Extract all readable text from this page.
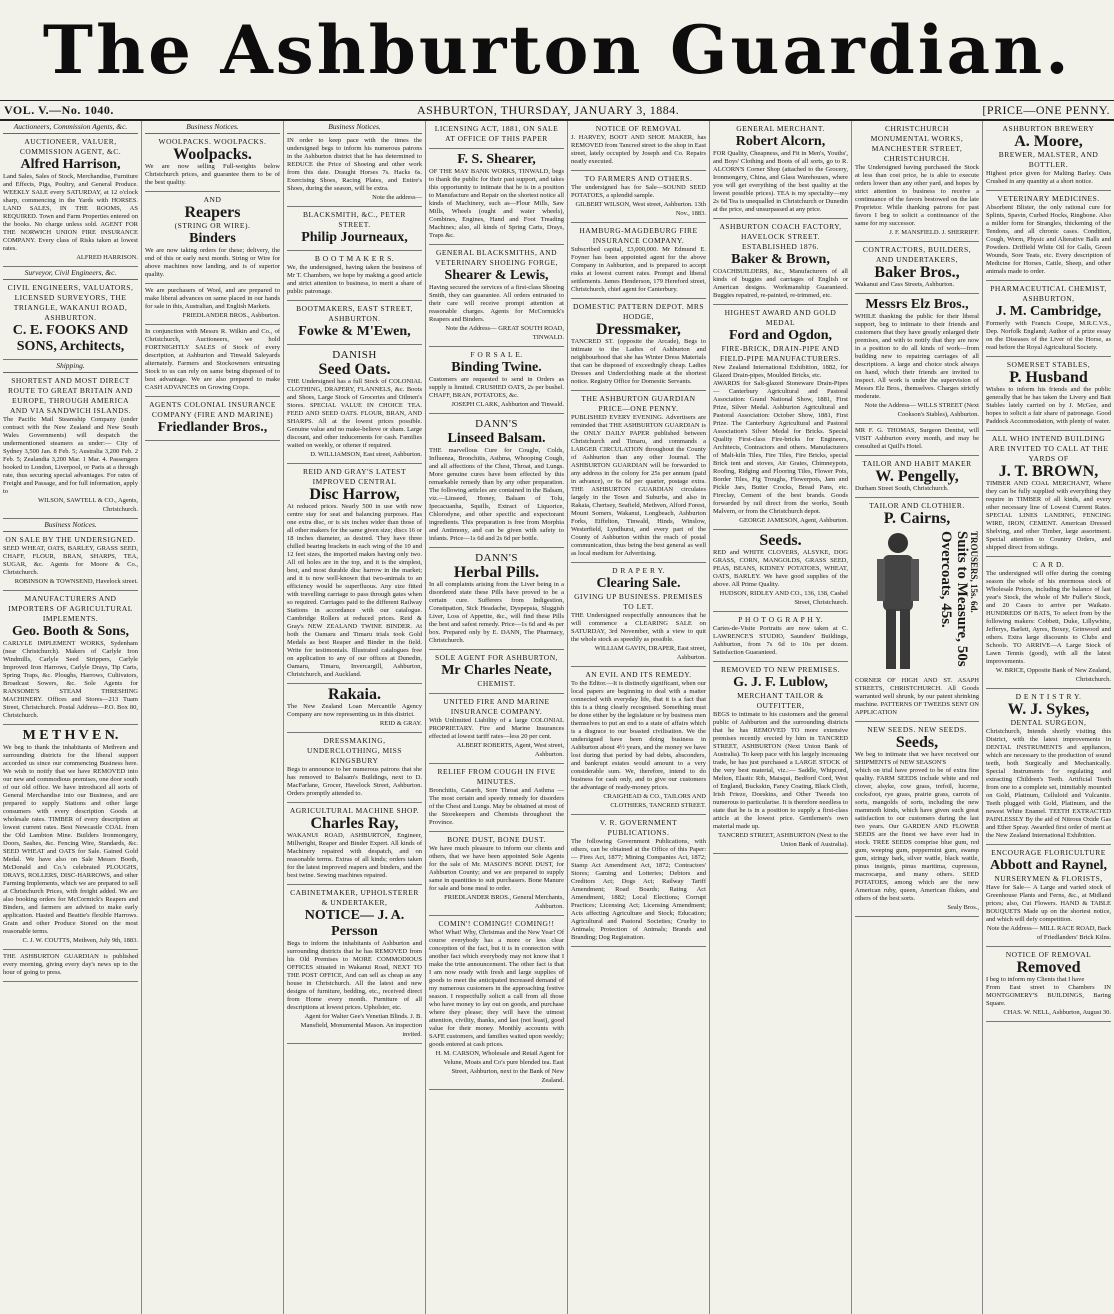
The Ashburton Guardian.
VOL. V.—No. 1040.	ASHBURTON, THURSDAY, JANUARY 3, 1884.	[PRICE—ONE PENNY.
Auctioneers, Commission Agents, &c.
AUCTIONEER, VALUER, COMMISSION AGENT, &C.
Alfred Harrison,
Land Sales, Sales of Stock, Merchandise, Furniture and Effects, Pigs, Poultry, and General Produce. WEEKLY SALE every SATURDAY, at 12 o'clock sharp, commencing in the Yards with HORSES. LAND SALES, IN THE ROOMS, AS REQUIRED. Town and Farm Properties entered on the books. No charge unless sold. AGENT FOR THE NORWICH UNION FIRE INSURANCE COMPANY. Every class of Risks taken at lowest rates.
ALFRED HARRISON.
Surveyor, Civil Engineers, &c.
CIVIL ENGINEERS, VALUATORS, LICENSED SURVEYORS, THE TRIANGLE, WAKANUI ROAD, ASHBURTON.
C. E. FOOKS AND SONS, Architects,
Shipping.
SHORTEST AND MOST DIRECT ROUTE TO GREAT BRITAIN AND EUROPE, THROUGH AMERICA AND VIA SANDWICH ISLANDS.
The Pacific Mail Steamship Company (under contract with the New Zealand and New South Wales Governments) will despatch the undermentioned steamers as under:— City of Sydney 3,500 Jan. 8 Feb. 5; Australia 3,200 Feb. 2 Feb. 5; Zealandia 3,200 Mar. 1 Mar. 4. Passengers booked to London, Liverpool, or Paris at a through rate, thus securing special advantages. For rates of Freight and Passage, and for full information, apply to
WILSON, SAWTELL & CO., Agents, Christchurch.
Business Notices.
ON SALE BY THE UNDERSIGNED.
SEED WHEAT, OATS, BARLEY, GRASS SEED, CHAFF, FLOUR, BRAN, SHARPS, TEA, SUGAR, &c. Agents for Moore & Co., Christchurch.
ROBINSON & TOWNSEND, Havelock street.
MANUFACTURERS AND IMPORTERS OF AGRICULTURAL IMPLEMENTS.
Geo. Booth & Sons,
CARLYLE IMPLEMENT WORKS, Sydenham (near Christchurch). Makers of Carlyle Iron Windmills, Carlyle Seed Strippers, Carlyle Improved Iron Harrows, Carlyle Drays, Tip Carts, Spring Traps, &c. Ploughs, Harrows, Cultivators, Broadcast Sowers, &c. Sole Agents for RANSOME'S STEAM THRESHING MACHINERY. Offices and Stores—213 Tuam Street, Christchurch. Postal Address—P.O. Box 80, Christchurch.
M E T H V E N.
We beg to thank the inhabitants of Methven and surrounding districts for the liberal support accorded us since our commencing Business here. We wish to notify that we have REMOVED into our new and commodious premises, one door south of our old office. We have introduced all sorts of General Merchandise into our Business, and are prepared to supply Stations and other large consumers with every description Goods at wholesale rates. TIMBER of every description at lowest current rates. Best Newcastle COAL from the Old Lambton Mine. Builders Ironmongery, Doors, Sashes, &c. Fencing Wire, Standards, &c. SEED WHEAT and OATS for Sale. Gained Gold Medal. We have also on Sale Messrs Booth, McDonald and Co.'s celebrated PLOUGHS, DRAYS, ROLLERS, DISC-HARROWS, and other Farming Implements, which we are prepared to sell at Christchurch Prices, with freight added. We are also booking orders for McCormick's Reapers and Binders, and farmers are advised to make early application. Hasted and Beattie's flexible Harrows. Grain and other Produce Stored on the most reasonable terms.
C. J. W. COUTTS, Methven, July 9th, 1883.
THE ASHBURTON GUARDIAN is published every morning, giving every day's news up to the hour of going to press.
Business Notices.
WOOLPACKS. WOOLPACKS.
Woolpacks.
We are now selling Full-weights below Christchurch prices, and guarantee them to be of the best quality.
AND
Reapers
(STRING OR WIRE).
Binders
We are now taking orders for these; delivery, the end of this or early next month. String or Wire for above machines now landing, and is of superior quality.
We are purchasers of Wool, and are prepared to make liberal advances on same placed in our hands for sale in this, Australian, and English Markets.
FRIEDLANDER BROS., Ashburton.
In conjunction with Messrs R. Wilkin and Co., of Christchurch, Auctioneers, we hold FORTNIGHTLY SALES of Stock of every description, at Ashburton and Tinwald Saleyards alternately. Farmers and Stockowners entrusting Stock to us can rely on same being disposed of to best advantage. We are also prepared to make CASH ADVANCES on Growing Crops.
AGENTS COLONIAL INSURANCE COMPANY (FIRE AND MARINE)
Friedlander Bros.,
Business Notices.
IN order to keep pace with the times the undersigned begs to inform his numerous patrons in the Ashburton district that he has determined to REDUCE the Price of Shoeing and other work from this date. Draught Horses 7s. Hacks 6s. Exercising Shoes, Racing Plates, and Entire's Shoes, during the season, will be extra.
Note the address—
BLACKSMITH, &C., PETER STREET.
Philip Journeaux,
B O O T M A K E R S.
We, the undersigned, having taken the business of Mr T. Chambers, we hope by making a good article and strict attention to business, to merit a share of public patronage.
BOOTMAKERS, EAST STREET, ASHBURTON.
Fowke & M'Ewen,
DANISH
Seed Oats.
THE Undersigned has a full Stock of COLONIAL CLOTHING, DRAPERY, FLANNELS, &c. Boots and Shoes, Large Stock of Groceries and Oilmen's Stores. SPECIAL VALUE IN CHOICE TEA. FEED AND SEED OATS. FLOUR, BRAN, AND SHARPS. All at the lowest prices possible. Genuine value and no make-believe or sham. Large discount, and other inducements for cash. Families waited on weekly, or oftener if required.
D. WILLIAMSON, East street, Ashburton.
REID AND GRAY'S LATEST IMPROVED CENTRAL
Disc Harrow,
At reduced prices. Nearly 500 in use with now centre stay for seat and balancing purposes. Has one extra disc, or is six inches wider than those of all other makers for the same given size; discs 16 or 18 inches diameter, as desired. They have three chilled bearing brackets in each wing of the 10 and 12 feet sizes, the imported makes having only two. All oil holes are in the top, and it is the simplest, best, and most durable disc harrow in the market; and it is now well-known that two-animals to an efficiency would be superfluous. Any size fitted with travelling carriage to pass through gates when so required. Carriages paid to the different Railway Stations in accordance with our catalogue. Cambridge Rollers at reduced prices. Reid & Gray's NEW ZEALAND TWINE BINDER. At both the Oamaru and Timaru trials took Gold Medals as best Reaper and Binder in the field. Write for testimonials. Illustrated catalogues free on application to any of our offices at Dunedin, Oamaru, Timaru, Invercargill, Ashburton, Christchurch, and Auckland.
Rakaia.
The New Zealand Loan Mercantile Agency Company are now representing us in this district.
REID & GRAY.
DRESSMAKING, UNDERCLOTHING, MISS KINGSBURY
Begs to announce to her numerous patrons that she has removed to Balsam's Buildings, next to D. MacFarlane, Grocer, Havelock Street, Ashburton. Orders promptly attended to.
AGRICULTURAL MACHINE SHOP.
Charles Ray,
WAKANUI ROAD, ASHBURTON, Engineer, Millwright, Reaper and Binder Expert. All kinds of Machinery repaired with despatch, and on reasonable terms. Extras of all kinds; orders taken for the latest improved reapers and binders, and the best twine. Sewing machines repaired.
CABINETMAKER, UPHOLSTERER & UNDERTAKER,
NOTICE— J. A. Persson
Begs to inform the inhabitants of Ashburton and surrounding districts that he has REMOVED from his Old Premises to MORE COMMODIOUS OFFICES situated in Wakanui Road, NEXT TO THE POST OFFICE, And can sell as cheap as any house in Christchurch. All the latest and new designs of furniture, bedding, etc., received direct from Home every month. Furniture of all descriptions at lowest prices. Upholster, etc.
Agent for Walter Gee's Venetian Blinds. J. B. Mansfield, Monumental Mason. An inspection invited.
LICENSING ACT, 1881, ON SALE AT OFFICE OF THIS PAPER
F. S. Shearer,
OF THE MAY BANK WORKS, TINWALD, begs to thank the public for their past support, and takes this opportunity to intimate that he is in a position to Manufacture and Repair on the shortest notice all kinds of Machinery, such as—Flour Mills, Saw Mills, Wheels (ought and water wheels), Combines, Engines, Hand and Foot Treading Machines; also, all kinds of Spring Carts, Drays, Traps &c.
GENERAL BLACKSMITHS, AND VETERINARY SHOEING FORGE,
Shearer & Lewis,
Having secured the services of a first-class Shoeing Smith, they can guarantee. All orders entrusted to their care will receive prompt attention at reasonable charges. Agents for McCormick's Reapers and Binders.
Note the Address— GREAT SOUTH ROAD, TINWALD.
F O R S A L E.
Binding Twine.
Customers are requested to send in Orders as supply is limited. CRUSHED OATS, 2s per bushel. CHAFF, BRAN, POTATOES, &c.
JOSEPH CLARK, Ashburton and Tinwald.
DANN'S
Linseed Balsam.
THE marvellous Cure for Coughs, Colds, Influenza, Bronchitis, Asthma, Whooping Cough, and all affections of the Chest, Throat, and Lungs. More genuine cures have been effected by this remarkable remedy than by any other preparation. The following articles are contained in the Balsam, viz.—Linseed, Honey, Balsam of Tolu, Ipecacuanha, Squills, Extract of Liquorice, Chlorodyne, and other specific and expectorant ingredients. This preparation is free from Morphia and Antimony, and can be given with safety to infants. Price—1s 6d and 2s 6d per bottle.
DANN'S
Herbal Pills.
In all complaints arising from the Liver being in a disordered state these Pills have proved to be a certain cure. Sufferers from Indigestion, Constipation, Sick Headache, Dyspepsia, Sluggish Liver, Loss of Appetite, &c., will find these Pills the best and safest remedy. Price—1s 6d and 4s per box. Prepared only by E. DANN, The Pharmacy, Christchurch.
SOLE AGENT FOR ASHBURTON,
Mr Charles Neate,
CHEMIST.
UNITED FIRE AND MARINE INSURANCE COMPANY.
With Unlimited Liability of a large COLONIAL PROPRIETARY. Fire and Marine Insurances effected at lowest tariff rates—less 20 per cent.
ALBERT ROBERTS, Agent, West street, Ashburton.
RELIEF FROM COUGH IN FIVE MINUTES.
Bronchitis, Catarrh, Sore Throat and Asthma — The most certain and speedy remedy for disorders of the Chest and Lungs. May be obtained at most of the Storekeepers and Chemists throughout the Province.
BONE DUST, BONE DUST.
We have much pleasure to inform our clients and others, that we have been appointed Sole Agents for the sale of Mr. MASON'S BONE DUST, for Ashburton County; and we are prepared to supply same in quantities to suit purchasers. Bone Manure for sale and bone meal to order.
FRIEDLANDER BROS., General Merchants, Ashburton.
COMIN'! COMING!! COMING!!
Who! What! Why, Christmas and the New Year! Of course everybody has a more or less clear conception of the fact, but it is in connection with another fact which everybody may not know that I make the trite announcement. The other fact is that I am now ready with fresh and large supplies of goods to meet the anticipated increased demand of my numerous customers in the approaching festive season. I respectfully solicit a call from all those who have money to lay out on goods, and purchase where they please; they will have the utmost attention, civility, thanks, and last (not least), good value for their money. Monthly accounts with SAFE customers, and families waited upon weekly; goods entered at cash prices.
H. M. CARSON, Wholesale and Retail Agent for Velune, Moats and Co's pure blended tea. East Street, Ashburton, next to the Bank of New Zealand.
NOTICE OF REMOVAL
J. HARVEY, BOOT AND SHOE MAKER, has REMOVED from Tancred street to the shop in East street, lately occupied by Joseph and Co. Repairs neatly executed.
TO FARMERS AND OTHERS.
The undersigned has for Sale—SOUND SEED POTATOES, a splendid sample.
GILBERT WILSON, West street, Ashburton. 13th Nov., 1883.
HAMBURG-MAGDEBURG FIRE INSURANCE COMPANY.
Subscribed capital, £3,000,000. Mr Edmund E. Foyner has been appointed agent for the above Company in Ashburton, and is prepared to accept risks at lowest current rates. Prompt and liberal settlements. James Henderson, 179 Hereford street, Christchurch, chief agent for Canterbury.
DOMESTIC PATTERN DEPOT. MRS HODGE,
Dressmaker,
TANCRED ST. (opposite the Arcade), Begs to intimate to the Ladies of Ashburton and neighbourhood that she has Winter Dress Materials that can be disposed of exceedingly cheap. Ladies Dresses and Underclothing made at the shortest notice. Registry Office for Domestic Servants.
THE ASHBURTON GUARDIAN PRICE—ONE PENNY.
PUBLISHED EVERY EVENING. Advertisers are reminded that THE ASHBURTON GUARDIAN is the ONLY DAILY PAPER published between Christchurch and Timaru, and commands a LARGER CIRCULATION throughout the County of Ashburton than any other Journal. The ASHBURTON GUARDIAN will be forwarded to any address in the colony for 25s per annum (paid in advance), or 6s 6d per quarter, postage extra. THE ASHBURTON GUARDIAN circulates largely in the Town and Suburbs, and also in Rakaia, Chertsey, Seafield, Methven, Alford Forest, Mount Somers, Wakanui, Longbeach, Ashburton Forks, Eiffelton, Tinwald, Hinds, Winslow, Westerfield, Lyndhurst, and every part of the County of Ashburton within the reach of postal communication, thus being the best general as well as local medium for Advertising.
D R A P E R Y.
Clearing Sale.
GIVING UP BUSINESS. PREMISES TO LET.
THE Undersigned respectfully announces that he will commence a CLEARING SALE on SATURDAY, 3rd November, with a view to quit the whole stock as speedily as possible.
WILLIAM GAVIN, DRAPER, East street, Ashburton.
AN EVIL AND ITS REMEDY.
To the Editor.—It is distinctly significant, when our local papers are beginning to deal with a matter connected with everyday life, that it is a fact that this is a thing clearly recognised. Something must be done either by the legislature or by business men themselves to put an end to a state of affairs which is a disgrace to our boasted civilisation. We the undersigned have been doing business in Ashburton about 4½ years, and the money we have lost during that period by bad debts, absconders, and bankrupt estates would amount to a very considerable sum. We, therefore, intend to do business for cash only, and to give our customers the advantage of ready-money prices.
CRAIGHEAD & CO., TAILORS AND CLOTHIERS, TANCRED STREET.
V. R. GOVERNMENT PUBLICATIONS.
The following Government Publications, with others, can be obtained at the Office of this Paper:— Fires Act, 1877; Mining Companies Act, 1872; Stamp Act Amendment Act, 1872; Contractors' Stores; Gaming and Lotteries; Debtors and Creditors Act; Dogs Act; Railway Tariff Amendment; Road Boards; Rating Act Amendment, 1882; Local Elections; Corrupt Practices; Licensing Act; Licensing Amendment; Acts affecting Agriculture and Stock; Education; Agricultural and Pastoral Societies; Cruelty to Animals; Protection of Animals; Brands and Branding; Dog Registration.
GENERAL MERCHANT.
Robert Alcorn,
FOR Quality, Cheapness, and Fit in Men's, Youths', and Boys' Clothing and Boots of all sorts, go to R. ALCORN'S Corner Shop (attached to the Grocery, Ironmongery, China, and Glass Warehouses, where you will get everything of the best quality at the lowest possible prices). TEA is my speciality—my 2s 6d Tea is unequalled in Christchurch or Dunedin at the price, and unsurpassed at any price.
ASHBURTON COACH FACTORY, HAVELOCK STREET. ESTABLISHED 1876.
Baker & Brown,
COACHBUILDERS, &c., Manufacturers of all kinds of buggies and carriages of English or American designs. Workmanship Guaranteed. Buggies repaired, re-painted, re-trimmed, etc.
HIGHEST AWARD AND GOLD MEDAL
Ford and Ogdon,
FIRE-BRICK, DRAIN-PIPE AND FIELD-PIPE MANUFACTURERS.
New Zealand International Exhibition, 1882, for Glazed Drain-pipes, Moulded Bricks, etc.
AWARDS for Salt-glazed Stoneware Drain-Pipes — Canterbury Agricultural and Pastoral Association: Grand National Show, 1881, First Prize, Silver Medal. Ashburton Agricultural and Pastoral Association: October Show, 1881, First Prize. The Canterbury Agricultural and Pastoral Association's Silver Medal for Bricks. Special Quality First-class Fire-bricks for Engineers, Architects, Contractors and others. Manufacturers of Malt-kiln Tiles, Fire Tiles, Fire Bricks, special Brick tent and stoves, Air Grates, Chimneypots, Roofing, Ridging and Flooring Tiles, Flower Pots, Border Tiles, Fig Troughs, Flowerpots, Jam and Pickle Jars, Butter Crocks, Bread Pans, etc. Fireclay, Cement of the best brands. Goods forwarded by rail direct from the works, South Malvern, or from the Christchurch depot.
GEORGE JAMESON, Agent, Ashburton.
Seeds.
RED and WHITE CLOVERS, ALSYKE, DOG GRASS, CORN, MANGOLDS, GRASS SEED, PEAS, BEANS, KIDNEY POTATOES, WHEAT, OATS, BARLEY. We have good supplies of the above. All Prime Quality.
HUDSON, RIDLEY AND CO., 136, 138, Cashel Street, Christchurch.
P H O T O G R A P H Y.
Cartes-de-Visite Portraits are now taken at C. LAWRENCE'S STUDIO, Saunders' Buildings, Ashburton, from 7s 6d to 10s per dozen. Satisfaction Guaranteed.
REMOVED TO NEW PREMISES.
G. J. F. Lublow,
MERCHANT TAILOR & OUTFITTER,
BEGS to intimate to his customers and the general public of Ashburton and the surrounding districts that he has REMOVED TO more extensive premises recently erected by him in TANCRED STREET, ASHBURTON (Next Union Bank of Australia). To keep pace with his largely increasing trade, he has just purchased a LARGE STOCK of the very best material, viz.:— Saddle, Whipcord, Melton, Elastic Rib, Maisqui, Bedford Cord, West of England, Buckskin, Fancy Coating, Black Cloth, Irish Frieze, Doeskins, and Other Tweeds too numerous to particularise. It is therefore needless to state that he is in a position to supply a first-class article at the lowest price. Gentlemen's own material made up.
TANCRED STREET, ASHBURTON (Next to the Union Bank of Australia).
CHRISTCHURCH MONUMENTAL WORKS, MANCHESTER STREET, CHRISTCHURCH.
The Undersigned having purchased the Stock at less than cost price, he is able to execute orders lower than any other yard, and hopes by strict attention to business to receive a continuance of the favors bestowed on the late Proprietor. While thanking patrons for past favors I beg to solicit a continuance of the same for my successor.
J. F. MANSFIELD. J. SHERRIFF.
CONTRACTORS, BUILDERS, AND UNDERTAKERS,
Baker Bros.,
Wakanui and Cass Streets, Ashburton.
Messrs Elz Bros.,
WHILE thanking the public for their liberal support, beg to intimate to their friends and customers that they have greatly enlarged their premises, and with to notify that they are now in a position to do all kinds of work—from building new to repairing carriages of all descriptions. A large and choice stock always on hand, which their friends are invited to inspect. All work is under the supervision of Messrs Elz Bros., themselves. Charges strictly moderate.
Note the Address— WILLS STREET (Next Cookson's Stables), Ashburton.
MR F. G. THOMAS, Surgeon Dentist, will VISIT Ashburton every month, and may be consulted at Quill's Hotel.
TAILOR AND HABIT MAKER
W. Pengelly,
Durham Street South, Christchurch.
TAILOR AND CLOTHIER.
P. Cairns,
Overcoats, 45s. Suits to Measure, 50s TROUSERS, 15s. 6d.
CORNER OF HIGH AND ST. ASAPH STREETS, CHRISTCHURCH. All Goods warranted well shrunk, by our patent shrinking machine. PATTERNS OF TWEEDS SENT ON APPLICATION
NEW SEEDS. NEW SEEDS.
Seeds,
We beg to intimate that we have received our SHIPMENTS of NEW SEASON'S
which on trial have proved to be of extra fine quality. FARM SEEDS include white and red clover, alsyke, cow grass, trefoil, lucerne, cocksfoot, rye grass, prairie grass, carrots of sorts, mangolds of sorts, including the new mammoth kinds, which have given such great satisfaction to our customers during the last two years. Our GARDEN AND FLOWER SEEDS are the finest we have ever had in stock. TREE SEEDS comprise blue gum, red gum, weeping gum, peppermint gum, swamp gum, stringy bark, silver wattle, black wattle, pinus insignis, pinus maritima, cupressus, macrocarpa, and many others. SEED POTATOES, among which are the new American ruby, queen, American flukes, and others of the best sorts.
Sealy Bros.,
ASHBURTON BREWERY
A. Moore,
BREWER, MALSTER, AND BOTTLER.
Highest price given for Malting Barley. Oats Crushed in any quantity at a short notice.
VETERINARY MEDICINES.
Absorbent Blister, the only rational cure for Splints, Spavin, Curbed Hocks, Ringbone. Also a milder form for Strangles, thickening of the Tendons, and all chronic cases. Condition, Cough, Worm, Physic and Alterative Balls and Powders. Driffield White Oil for Galls, Green Wounds, Sore Teats, etc. Every description of Medicine for Horses, Cattle, Sheep, and other animals made to order.
PHARMACEUTICAL CHEMIST, ASHBURTON,
J. M. Cambridge,
Formerly with Francis Coupe, M.R.C.V.S., Dep. Norfolk England; Author of a prize essay on the Diseases of the Liver of the Horse, as read before the Royal Agricultural Society.
SOMERSET STABLES,
P. Husband
Wishes to inform his friends and the public generally that he has taken the Livery and Bait Stables lately carried on by J. McGee, and hopes to solicit a fair share of patronage. Good Paddock Accommodation, with plenty of water.
ALL WHO INTEND BUILDING ARE INVITED TO CALL AT THE YARDS OF
J. T. BROWN,
TIMBER AND COAL MERCHANT, Where they can be fully supplied with everything they require in TIMBER of all kinds, and every other necessary line of Lowest Current Rates. SPECIAL LINES LANDING, FENCING WIRE, IRON, CEMENT. American Dressed Shelving, and other Timber, large assortment. Special attention to Country Orders, and shipped direct from sidings.
C A R D.
The undersigned will offer during the coming season the whole of his enormous stock of Wholesale Prices, including the balance of last year's Stock, the whole of Mr Fuller's Stock, and 20 Cases to arrive per Waikato. HUNDREDS OF BATS, To select from by the following makers: Cobbett, Duke, Lillywhite, Jefferys, Barlett, Ayres, Boxey, Grinwood and others. Extra large discounts to Clubs and Schools. TO ARRIVE—A Large Stock of Lawn Tennis (good), with all the latest improvements.
W. BRICE, Opposite Bank of New Zealand, Christchurch.
D E N T I S T R Y.
W. J. Sykes,
DENTAL SURGEON,
Christchurch, Intends shortly visiting this District, with the latest improvements in DENTAL INSTRUMENTS and appliances, which are necessary to the production of sound teeth, both Surgically and Mechanically. Special Instruments for regulating and extracting Children's Teeth. Artificial Teeth from one to a complete set, inimitably mounted on Gold, Platinum, Celluloid and Vulcanite. Teeth plugged with Gold, Platinum, and the newest White Enamel. TEETH EXTRACTED PAINLESSLY By the aid of Nitrous Oxide Gas and Ether Spray. Awarded first order of merit at the New Zealand International Exhibition.
ENCOURAGE FLORICULTURE
Abbott and Raynel,
NURSERYMEN & FLORISTS,
Have for Sale— A Large and varied stock of Greenhouse Plants and Ferns, &c., at Midland prices; also, Cut Flowers. HAND & TABLE BOUQUETS Made up on the shortest notice, and which will defy competition.
Note the Address— MILL RACE ROAD, Back of Friedlanders' Brick Kilns.
NOTICE OF REMOVAL
Removed
I beg to inform my Clients that I have
From East street to Chambers IN MONTGOMERY'S BUILDINGS, Baring Square.
CHAS. W. NELL, Ashburton, August 30.
